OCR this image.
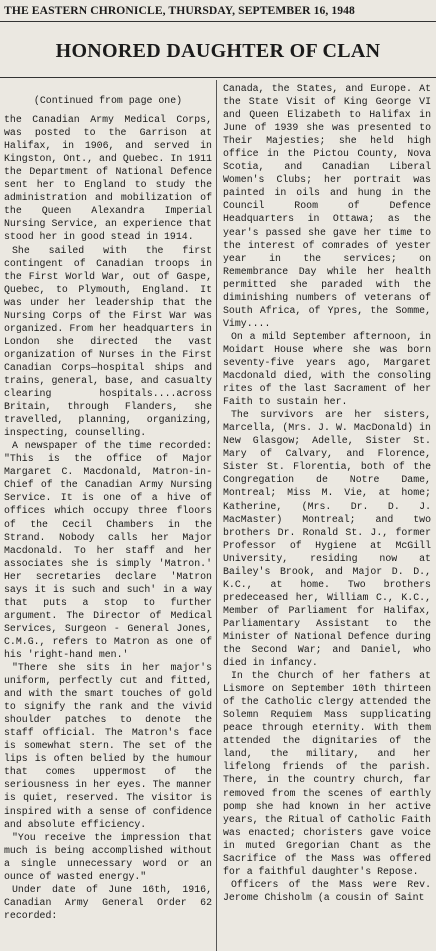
THE EASTERN CHRONICLE, THURSDAY, SEPTEMBER 16, 1948
HONORED DAUGHTER OF CLAN

(Continued from page one)

the Canadian Army Medical Corps, was posted to the Garrison at Halifax, in 1906, and served in Kingston, Ont., and Quebec. In 1911 the Department of National Defence sent her to England to study the administration and mobilization of the Queen Alexandra Imperial Nursing Service, an experience that stood her in good stead in 1914.

She sailed with the first contingent of Canadian troops in the First World War, out of Gaspe, Quebec, to Plymouth, England. It was under her leadership that the Nursing Corps of the First War was organized. From her headquarters in London she directed the vast organization of Nurses in the First Canadian Corps—hospital ships and trains, general, base, and casualty clearing hospitals....across Britain, through Flanders, she travelled, planning, organizing, inspecting, counselling.

A newspaper of the time recorded: "This is the office of Major Margaret C. Macdonald, Matron-in-Chief of the Canadian Army Nursing Service. It is one of a hive of offices which occupy three floors of the Cecil Chambers in the Strand. Nobody calls her Major Macdonald. To her staff and her associates she is simply 'Matron.' Her secretaries declare 'Matron says it is such and such' in a way that puts a stop to further argument. The Director of Medical Services, Surgeon - General Jones, C.M.G., refers to Matron as one of his 'right-hand men.'

"There she sits in her major's uniform, perfectly cut and fitted, and with the smart touches of gold to signify the rank and the vivid shoulder patches to denote the staff official. The Matron's face is somewhat stern. The set of the lips is often belied by the humour that comes uppermost of the seriousness in her eyes. The manner is quiet, reserved. The visitor is inspired with a sense of confidence and absolute efficiency.

"You receive the impression that much is being accomplished without a single unnecessary word or an ounce of wasted energy."

Under date of June 16th, 1916, Canadian Army General Order 62 recorded:

Canada, the States, and Europe. At the State Visit of King George VI and Queen Elizabeth to Halifax in June of 1939 she was presented to Their Majesties; she held high office in the Pictou County, Nova Scotia, and Canadian Liberal Women's Clubs; her portrait was painted in oils and hung in the Council Room of Defence Headquarters in Ottawa; as the year's passed she gave her time to the interest of comrades of yester year in the services; on Remembrance Day while her health permitted she paraded with the diminishing numbers of veterans of South Africa, of Ypres, the Somme, Vimy....

On a mild September afternoon, in Moidart House where she was born seventy-five years ago, Margaret Macdonald died, with the consoling rites of the last Sacrament of her Faith to sustain her.

The survivors are her sisters, Marcella, (Mrs. J. W. MacDonald) in New Glasgow; Adelle, Sister St. Mary of Calvary, and Florence, Sister St. Florentia, both of the Congregation de Notre Dame, Montreal; Miss M. Vie, at home; Katherine, (Mrs. Dr. D. J. MacMaster) Montreal; and two brothers Dr. Ronald St. J., former Professor of Hygiene at McGill University, residing now at Bailey's Brook, and Major D. D., K.C., at home. Two brothers predeceased her, William C., K.C., Member of Parliament for Halifax, Parliamentary Assistant to the Minister of National Defence during the Second War; and Daniel, who died in infancy.

In the Church of her fathers at Lismore on September 10th thirteen of the Catholic clergy attended the Solemn Requiem Mass supplicating peace through eternity. With them attended the dignitaries of the land, the military, and her lifelong friends of the parish. There, in the country church, far removed from the scenes of earthly pomp she had known in her active years, the Ritual of Catholic Faith was enacted; choristers gave voice in muted Gregorian Chant as the Sacrifice of the Mass was offered for a faithful daughter's Repose.

Officers of the Mass were Rev. Jerome Chisholm (a cousin of Saint
